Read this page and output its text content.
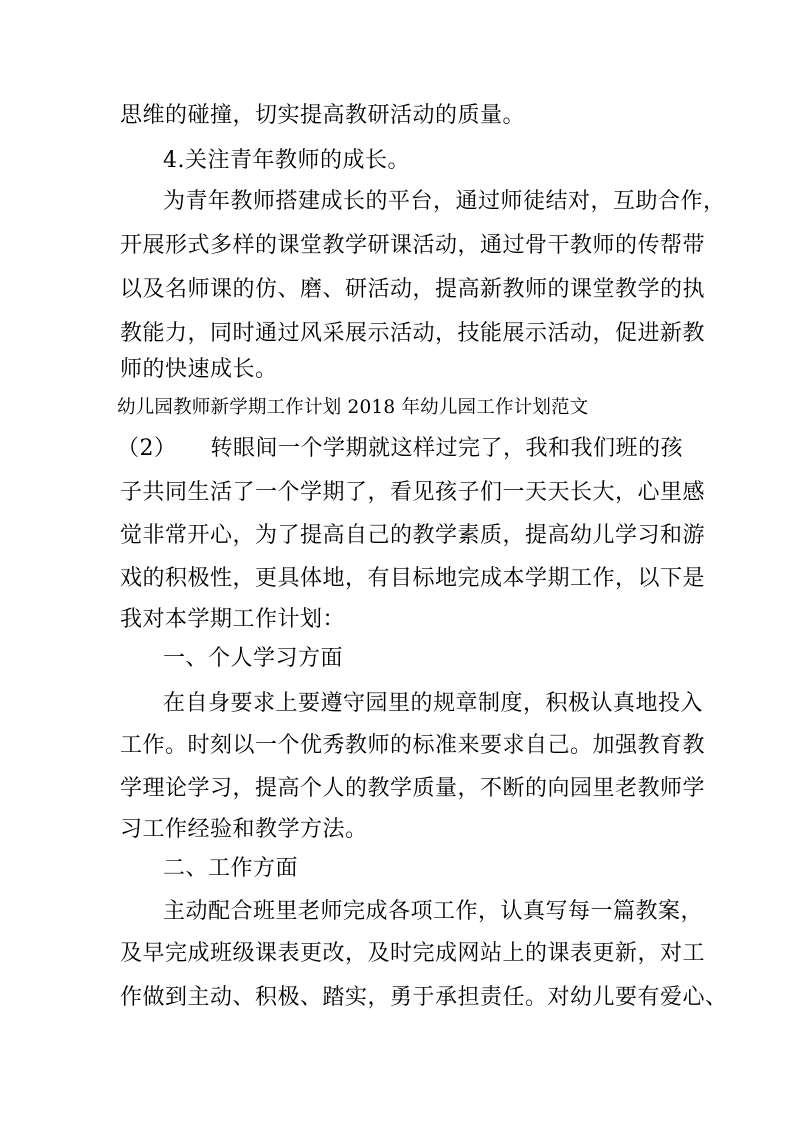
思维的碰撞，切实提高教研活动的质量。
4.关注青年教师的成长。
为青年教师搭建成长的平台，通过师徒结对，互助合作，
开展形式多样的课堂教学研课活动，通过骨干教师的传帮带
以及名师课的仿、磨、研活动，提高新教师的课堂教学的执
教能力，同时通过风采展示活动，技能展示活动，促进新教
师的快速成长。
幼儿园教师新学期工作计划 2018 年幼儿园工作计划范文
（2）　　转眼间一个学期就这样过完了，我和我们班的孩
子共同生活了一个学期了，看见孩子们一天天长大，心里感
觉非常开心，为了提高自己的教学素质，提高幼儿学习和游
戏的积极性，更具体地，有目标地完成本学期工作，以下是
我对本学期工作计划：
一、个人学习方面
在自身要求上要遵守园里的规章制度，积极认真地投入
工作。时刻以一个优秀教师的标准来要求自己。加强教育教
学理论学习，提高个人的教学质量，不断的向园里老教师学
习工作经验和教学方法。
二、工作方面
主动配合班里老师完成各项工作，认真写每一篇教案，
及早完成班级课表更改，及时完成网站上的课表更新，对工
作做到主动、积极、踏实，勇于承担责任。对幼儿要有爱心、
